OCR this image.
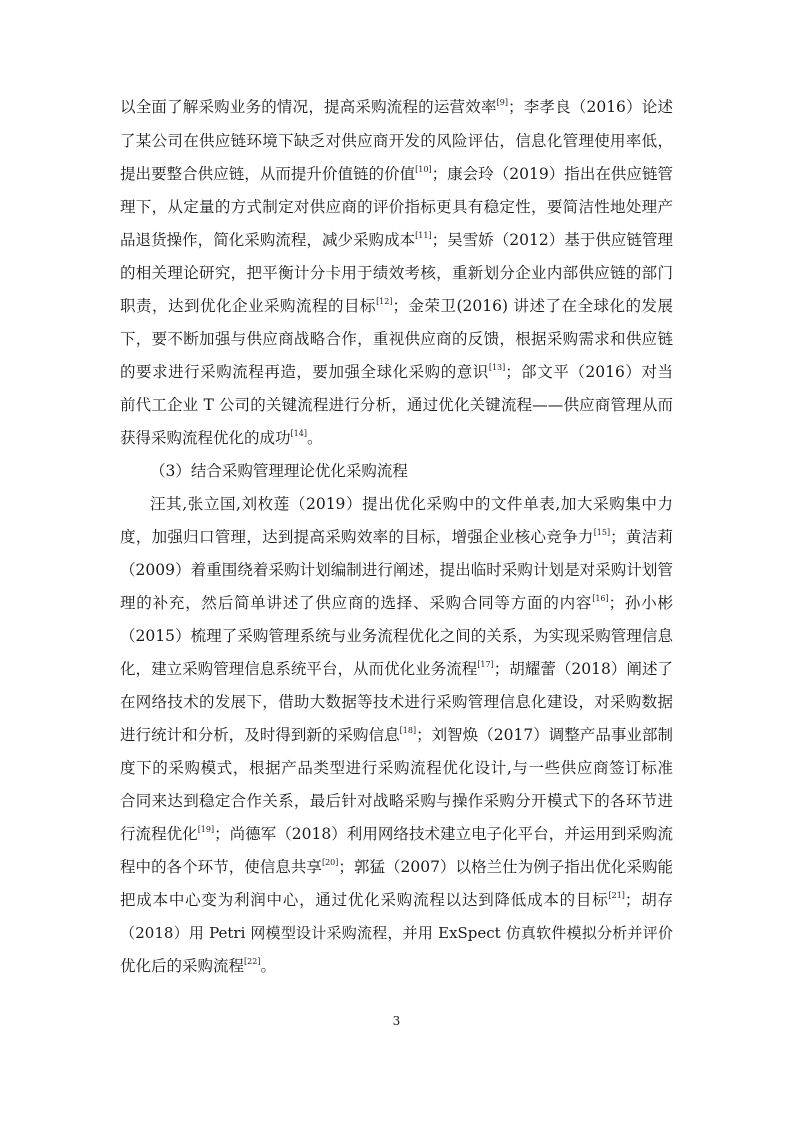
以全面了解采购业务的情况，提高采购流程的运营效率[9]；李孝良（2016）论述
了某公司在供应链环境下缺乏对供应商开发的风险评估，信息化管理使用率低，
提出要整合供应链，从而提升价值链的价值[10]；康会玲（2019）指出在供应链管
理下，从定量的方式制定对供应商的评价指标更具有稳定性，要简洁性地处理产
品退货操作，简化采购流程，减少采购成本[11]；吴雪娇（2012）基于供应链管理
的相关理论研究，把平衡计分卡用于绩效考核，重新划分企业内部供应链的部门
职责，达到优化企业采购流程的目标[12]；金荣卫(2016) 讲述了在全球化的发展
下，要不断加强与供应商战略合作，重视供应商的反馈，根据采购需求和供应链
的要求进行采购流程再造，要加强全球化采购的意识[13]；郃文平（2016）对当
前代工企业 T 公司的关键流程进行分析，通过优化关键流程——供应商管理从而
获得采购流程优化的成功[14]。
（3）结合采购管理理论优化采购流程
汪其,张立国,刘枚莲（2019）提出优化采购中的文件单表,加大采购集中力
度，加强归口管理，达到提高采购效率的目标，增强企业核心竞争力[15]；黄洁莉
（2009）着重围绕着采购计划编制进行阐述，提出临时采购计划是对采购计划管
理的补充，然后简单讲述了供应商的选择、采购合同等方面的内容[16]；孙小彬
（2015）梳理了采购管理系统与业务流程优化之间的关系，为实现采购管理信息
化，建立采购管理信息系统平台，从而优化业务流程[17]；胡耀蕾（2018）阐述了
在网络技术的发展下，借助大数据等技术进行采购管理信息化建设，对采购数据
进行统计和分析，及时得到新的采购信息[18]；刘智焕（2017）调整产品事业部制
度下的采购模式，根据产品类型进行采购流程优化设计,与一些供应商签订标准
合同来达到稳定合作关系，最后针对战略采购与操作采购分开模式下的各环节进
行流程优化[19]；尚德军（2018）利用网络技术建立电子化平台，并运用到采购流
程中的各个环节，使信息共享[20]；郭猛（2007）以格兰仕为例子指出优化采购能
把成本中心变为利润中心，通过优化采购流程以达到降低成本的目标[21]；胡存
（2018）用 Petri 网模型设计采购流程，并用 ExSpect 仿真软件模拟分析并评价
优化后的采购流程[22]。
3
